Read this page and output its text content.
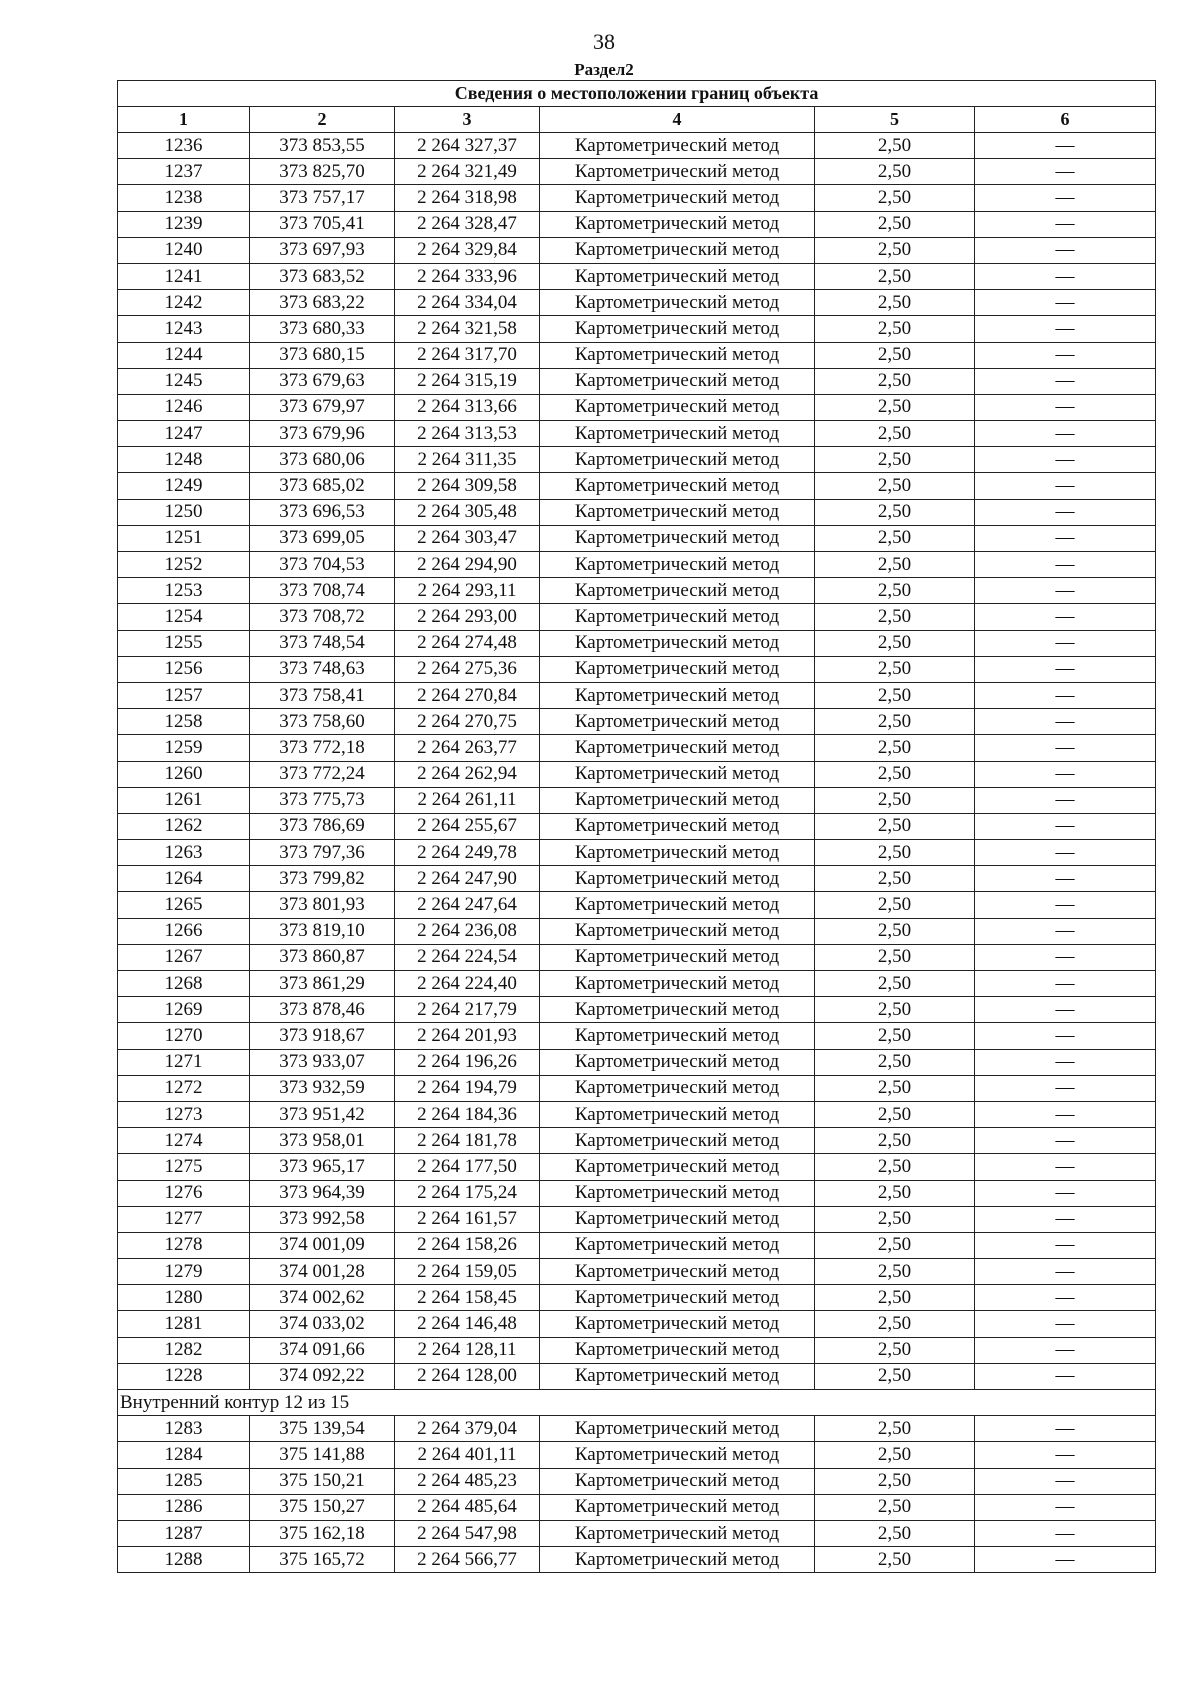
38
Раздел2
Сведения о местоположении границ объекта					
1	2	3	4	5	6
1236	373 853,55	2 264 327,37	Картометрический метод	2,50	—
1237	373 825,70	2 264 321,49	Картометрический метод	2,50	—
1238	373 757,17	2 264 318,98	Картометрический метод	2,50	—
1239	373 705,41	2 264 328,47	Картометрический метод	2,50	—
1240	373 697,93	2 264 329,84	Картометрический метод	2,50	—
1241	373 683,52	2 264 333,96	Картометрический метод	2,50	—
1242	373 683,22	2 264 334,04	Картометрический метод	2,50	—
1243	373 680,33	2 264 321,58	Картометрический метод	2,50	—
1244	373 680,15	2 264 317,70	Картометрический метод	2,50	—
1245	373 679,63	2 264 315,19	Картометрический метод	2,50	—
1246	373 679,97	2 264 313,66	Картометрический метод	2,50	—
1247	373 679,96	2 264 313,53	Картометрический метод	2,50	—
1248	373 680,06	2 264 311,35	Картометрический метод	2,50	—
1249	373 685,02	2 264 309,58	Картометрический метод	2,50	—
1250	373 696,53	2 264 305,48	Картометрический метод	2,50	—
1251	373 699,05	2 264 303,47	Картометрический метод	2,50	—
1252	373 704,53	2 264 294,90	Картометрический метод	2,50	—
1253	373 708,74	2 264 293,11	Картометрический метод	2,50	—
1254	373 708,72	2 264 293,00	Картометрический метод	2,50	—
1255	373 748,54	2 264 274,48	Картометрический метод	2,50	—
1256	373 748,63	2 264 275,36	Картометрический метод	2,50	—
1257	373 758,41	2 264 270,84	Картометрический метод	2,50	—
1258	373 758,60	2 264 270,75	Картометрический метод	2,50	—
1259	373 772,18	2 264 263,77	Картометрический метод	2,50	—
1260	373 772,24	2 264 262,94	Картометрический метод	2,50	—
1261	373 775,73	2 264 261,11	Картометрический метод	2,50	—
1262	373 786,69	2 264 255,67	Картометрический метод	2,50	—
1263	373 797,36	2 264 249,78	Картометрический метод	2,50	—
1264	373 799,82	2 264 247,90	Картометрический метод	2,50	—
1265	373 801,93	2 264 247,64	Картометрический метод	2,50	—
1266	373 819,10	2 264 236,08	Картометрический метод	2,50	—
1267	373 860,87	2 264 224,54	Картометрический метод	2,50	—
1268	373 861,29	2 264 224,40	Картометрический метод	2,50	—
1269	373 878,46	2 264 217,79	Картометрический метод	2,50	—
1270	373 918,67	2 264 201,93	Картометрический метод	2,50	—
1271	373 933,07	2 264 196,26	Картометрический метод	2,50	—
1272	373 932,59	2 264 194,79	Картометрический метод	2,50	—
1273	373 951,42	2 264 184,36	Картометрический метод	2,50	—
1274	373 958,01	2 264 181,78	Картометрический метод	2,50	—
1275	373 965,17	2 264 177,50	Картометрический метод	2,50	—
1276	373 964,39	2 264 175,24	Картометрический метод	2,50	—
1277	373 992,58	2 264 161,57	Картометрический метод	2,50	—
1278	374 001,09	2 264 158,26	Картометрический метод	2,50	—
1279	374 001,28	2 264 159,05	Картометрический метод	2,50	—
1280	374 002,62	2 264 158,45	Картометрический метод	2,50	—
1281	374 033,02	2 264 146,48	Картометрический метод	2,50	—
1282	374 091,66	2 264 128,11	Картометрический метод	2,50	—
1228	374 092,22	2 264 128,00	Картометрический метод	2,50	—
Внутренний контур 12 из 15					
1283	375 139,54	2 264 379,04	Картометрический метод	2,50	—
1284	375 141,88	2 264 401,11	Картометрический метод	2,50	—
1285	375 150,21	2 264 485,23	Картометрический метод	2,50	—
1286	375 150,27	2 264 485,64	Картометрический метод	2,50	—
1287	375 162,18	2 264 547,98	Картометрический метод	2,50	—
1288	375 165,72	2 264 566,77	Картометрический метод	2,50	—
